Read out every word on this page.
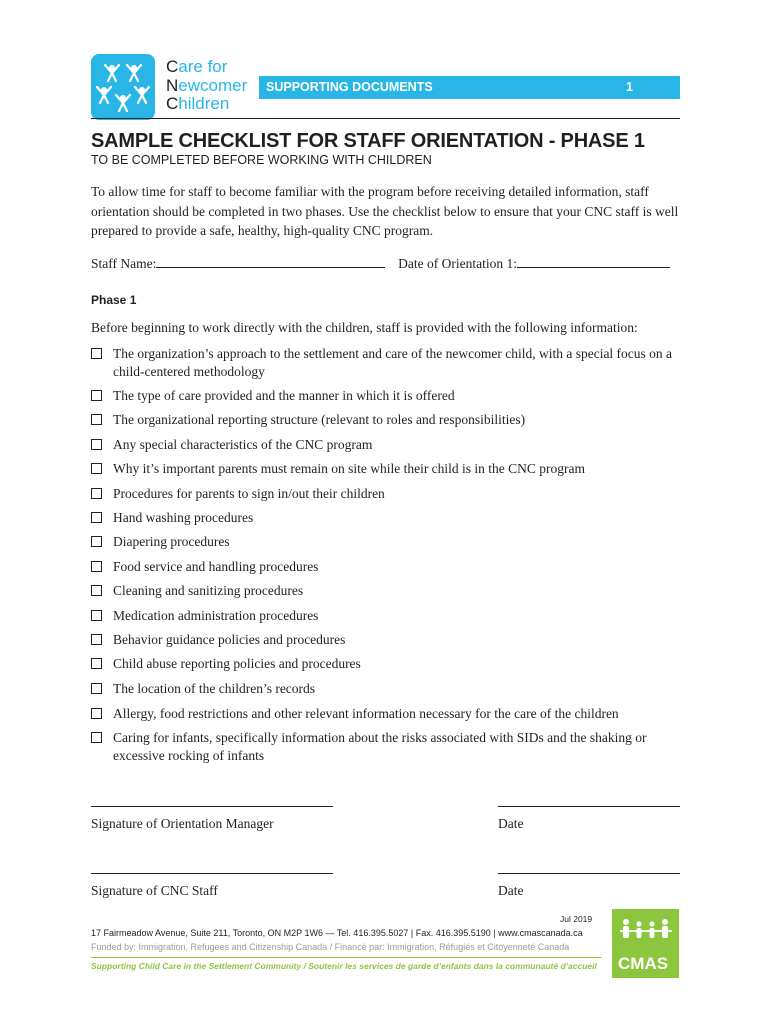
Care for
Newcomer
Children
SUPPORTING DOCUMENTS	1
SAMPLE CHECKLIST FOR STAFF ORIENTATION - PHASE 1
TO BE COMPLETED BEFORE WORKING WITH CHILDREN
To allow time for staff to become familiar with the program before receiving detailed information, staff orientation should be completed in two phases. Use the checklist below to ensure that your CNC staff is well prepared to provide a safe, healthy, high-quality CNC program.
Staff Name:	Date of Orientation 1:
Phase 1
Before beginning to work directly with the children, staff is provided with the following information:
The organization’s approach to the settlement and care of the newcomer child, with a special focus on a child-centered methodology
The type of care provided and the manner in which it is offered
The organizational reporting structure (relevant to roles and responsibilities)
Any special characteristics of the CNC program
Why it’s important parents must remain on site while their child is in the CNC program
Procedures for parents to sign in/out their children
Hand washing procedures
Diapering procedures
Food service and handling procedures
Cleaning and sanitizing procedures
Medication administration procedures
Behavior guidance policies and procedures
Child abuse reporting policies and procedures
The location of the children’s records
Allergy, food restrictions and other relevant information necessary for the care of the children
Caring for infants, specifically information about the risks associated with SIDs and the shaking or excessive rocking of infants
Signature of Orientation Manager	Date
Signature of CNC Staff	Date
Jul 2019
17 Fairmeadow Avenue, Suite 211, Toronto, ON M2P 1W6 — Tel. 416.395.5027 | Fax. 416.395.5190 | www.cmascanada.ca
Funded by: Immigration, Refugees and Citizenship Canada / Financé par: Immigration, Réfugiés et Citoyenneté Canada
Supporting Child Care in the Settlement Community / Soutenir les services de garde d’enfants dans la communauté d’accueil CMAS
